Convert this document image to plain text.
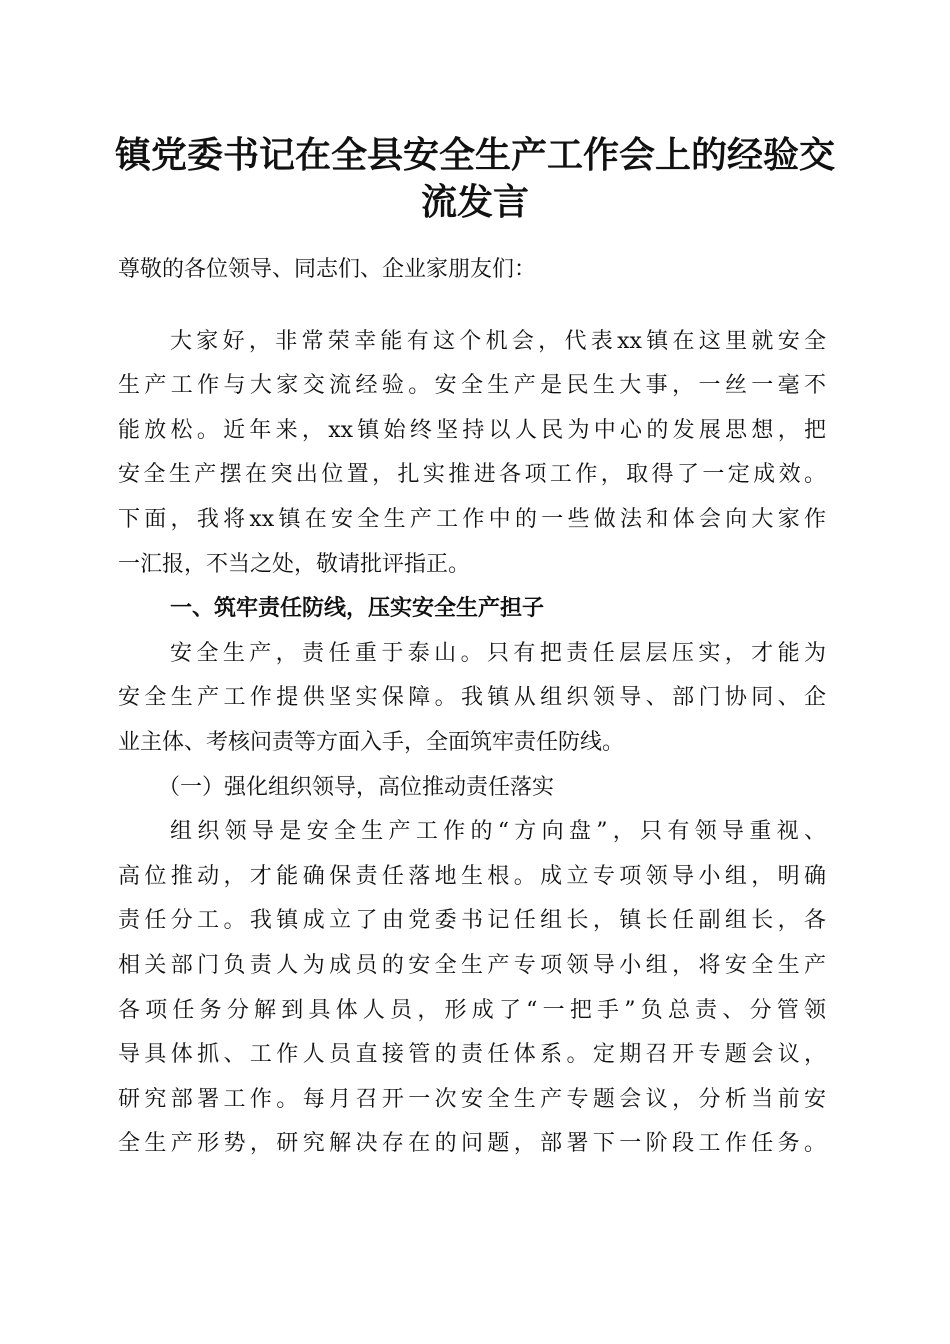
镇党委书记在全县安全生产工作会上的经验交
流发言
尊敬的各位领导、同志们、企业家朋友们：
大家好，非常荣幸能有这个机会，代表xx镇在这里就安全
生产工作与大家交流经验。安全生产是民生大事，一丝一毫不
能放松。近年来，xx镇始终坚持以人民为中心的发展思想，把
安全生产摆在突出位置，扎实推进各项工作，取得了一定成效。
下面，我将xx镇在安全生产工作中的一些做法和体会向大家作
一汇报，不当之处，敬请批评指正。
一、筑牢责任防线，压实安全生产担子
安全生产，责任重于泰山。只有把责任层层压实，才能为
安全生产工作提供坚实保障。我镇从组织领导、部门协同、企
业主体、考核问责等方面入手，全面筑牢责任防线。
（一）强化组织领导，高位推动责任落实
组织领导是安全生产工作的“方向盘”，只有领导重视、
高位推动，才能确保责任落地生根。成立专项领导小组，明确
责任分工。我镇成立了由党委书记任组长，镇长任副组长，各
相关部门负责人为成员的安全生产专项领导小组，将安全生产
各项任务分解到具体人员，形成了“一把手”负总责、分管领
导具体抓、工作人员直接管的责任体系。定期召开专题会议，
研究部署工作。每月召开一次安全生产专题会议，分析当前安
全生产形势，研究解决存在的问题，部署下一阶段工作任务。
